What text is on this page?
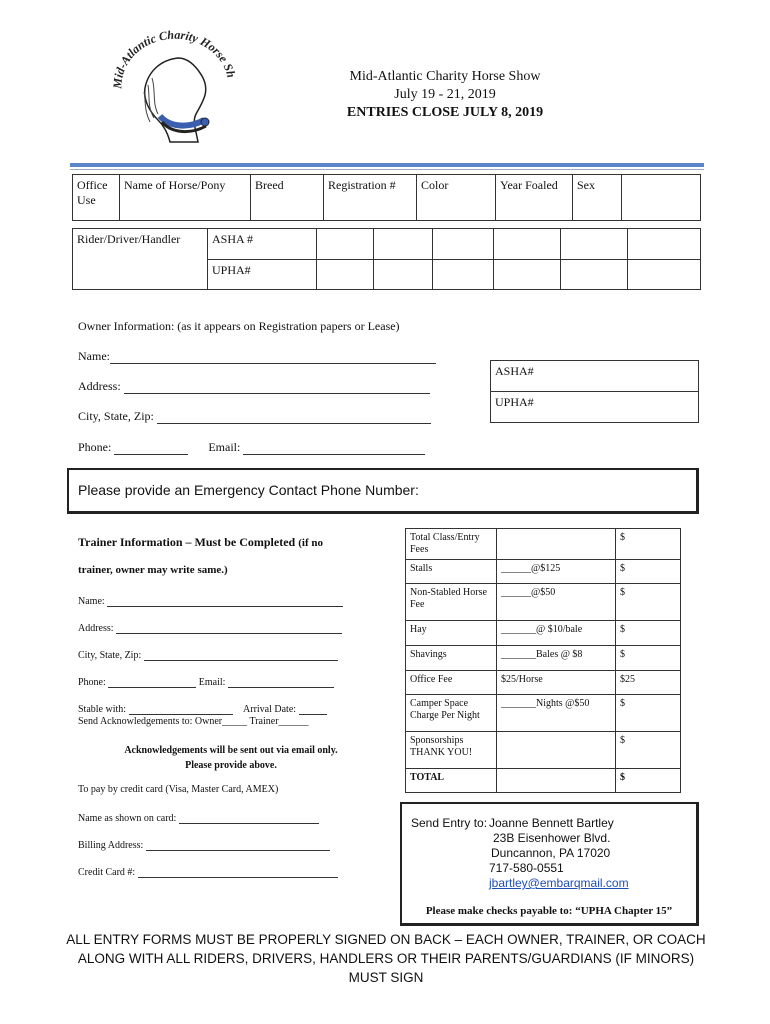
Mid-Atlantic Charity Horse Sh	Mid-Atlantic Charity Horse Show
July 19 - 21, 2019
ENTRIES CLOSE JULY 8, 2019
Office Use	Name of Horse/Pony	Breed	Registration #	Color	Year Foaled	Sex	
Rider/Driver/Handler	ASHA #						
	UPHA#						
Owner Information: (as it appears on Registration papers or Lease)
Name:
Address:
City, State, Zip:
Phone:	Email:
ASHA#
UPHA#
Please provide an Emergency Contact Phone Number:
Trainer Information – Must be Completed (if no
trainer, owner may write same.)
Name:
Address:
City, State, Zip:
Phone:	Email:
Stable with:	Arrival Date:
Send Acknowledgements to: Owner_____ Trainer______
Acknowledgements will be sent out via email only.
Please provide above.
To pay by credit card (Visa, Master Card, AMEX)
Name as shown on card:
Billing Address:
Credit Card #:
Total Class/Entry Fees		$
Stalls	______@$125	$
Non-Stabled Horse Fee	______@$50	$
Hay	_______@ $10/bale	$
Shavings	_______Bales @ $8	$
Office Fee	$25/Horse	$25
Camper Space Charge Per Night	_______Nights @$50	$
Sponsorships THANK YOU!		$
TOTAL		$
Send Entry to: Joanne Bennett Bartley
23B Eisenhower Blvd.
Duncannon, PA 17020
717-580-0551
jbartley@embarqmail.com
Please make checks payable to: “UPHA Chapter 15”
ALL ENTRY FORMS MUST BE PROPERLY SIGNED ON BACK – EACH OWNER, TRAINER, OR COACH ALONG WITH ALL RIDERS, DRIVERS, HANDLERS OR THEIR PARENTS/GUARDIANS (IF MINORS) MUST SIGN
